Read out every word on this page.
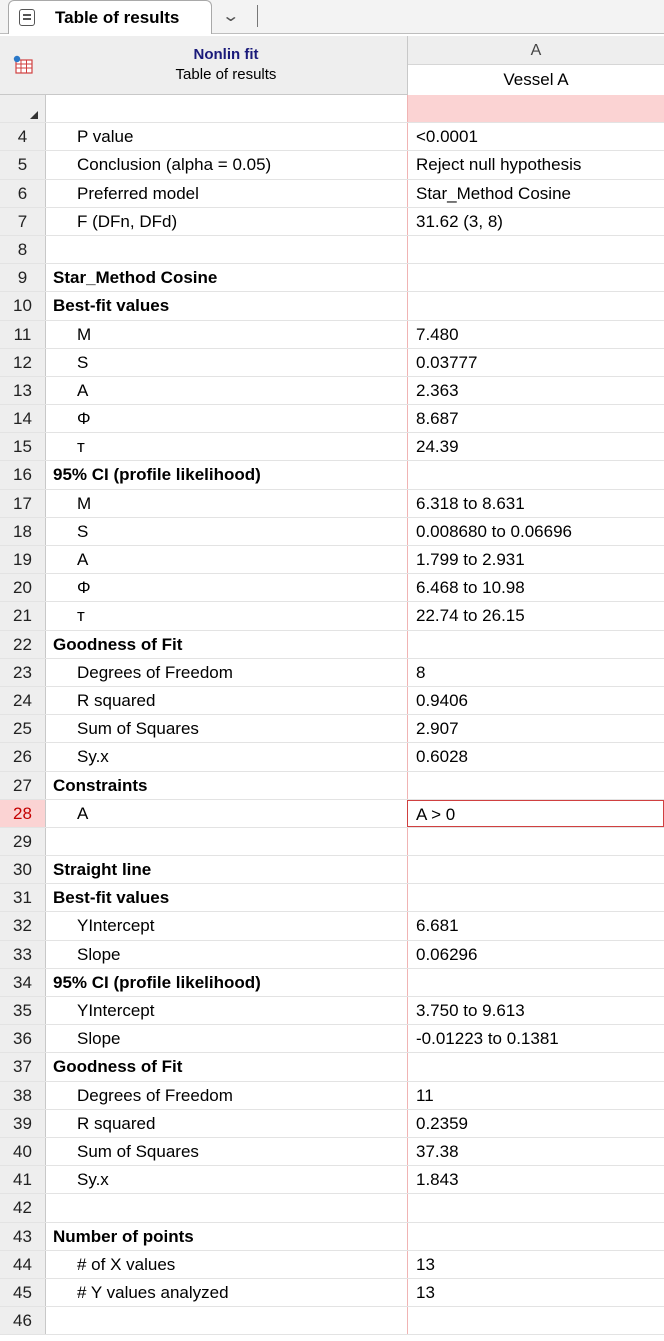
Table of results	⌄
Nonlin fit
Table of results
A
Vessel A
4	P value	<0.0001
5	Conclusion (alpha = 0.05)	Reject null hypothesis
6	Preferred model	Star_Method Cosine
7	F (DFn, DFd)	31.62 (3, 8)
8
9	Star_Method Cosine
10	Best-fit values
11	M	7.480
12	S	0.03777
13	A	2.363
14	Φ	8.687
15	т	24.39
16	95% CI (profile likelihood)
17	M	6.318 to 8.631
18	S	0.008680 to 0.06696
19	A	1.799 to 2.931
20	Φ	6.468 to 10.98
21	т	22.74 to 26.15
22	Goodness of Fit
23	Degrees of Freedom	8
24	R squared	0.9406
25	Sum of Squares	2.907
26	Sy.x	0.6028
27	Constraints
28	A	A > 0
29
30	Straight line
31	Best-fit values
32	YIntercept	6.681
33	Slope	0.06296
34	95% CI (profile likelihood)
35	YIntercept	3.750 to 9.613
36	Slope	-0.01223 to 0.1381
37	Goodness of Fit
38	Degrees of Freedom	11
39	R squared	0.2359
40	Sum of Squares	37.38
41	Sy.x	1.843
42
43	Number of points
44	# of X values	13
45	# Y values analyzed	13
46
